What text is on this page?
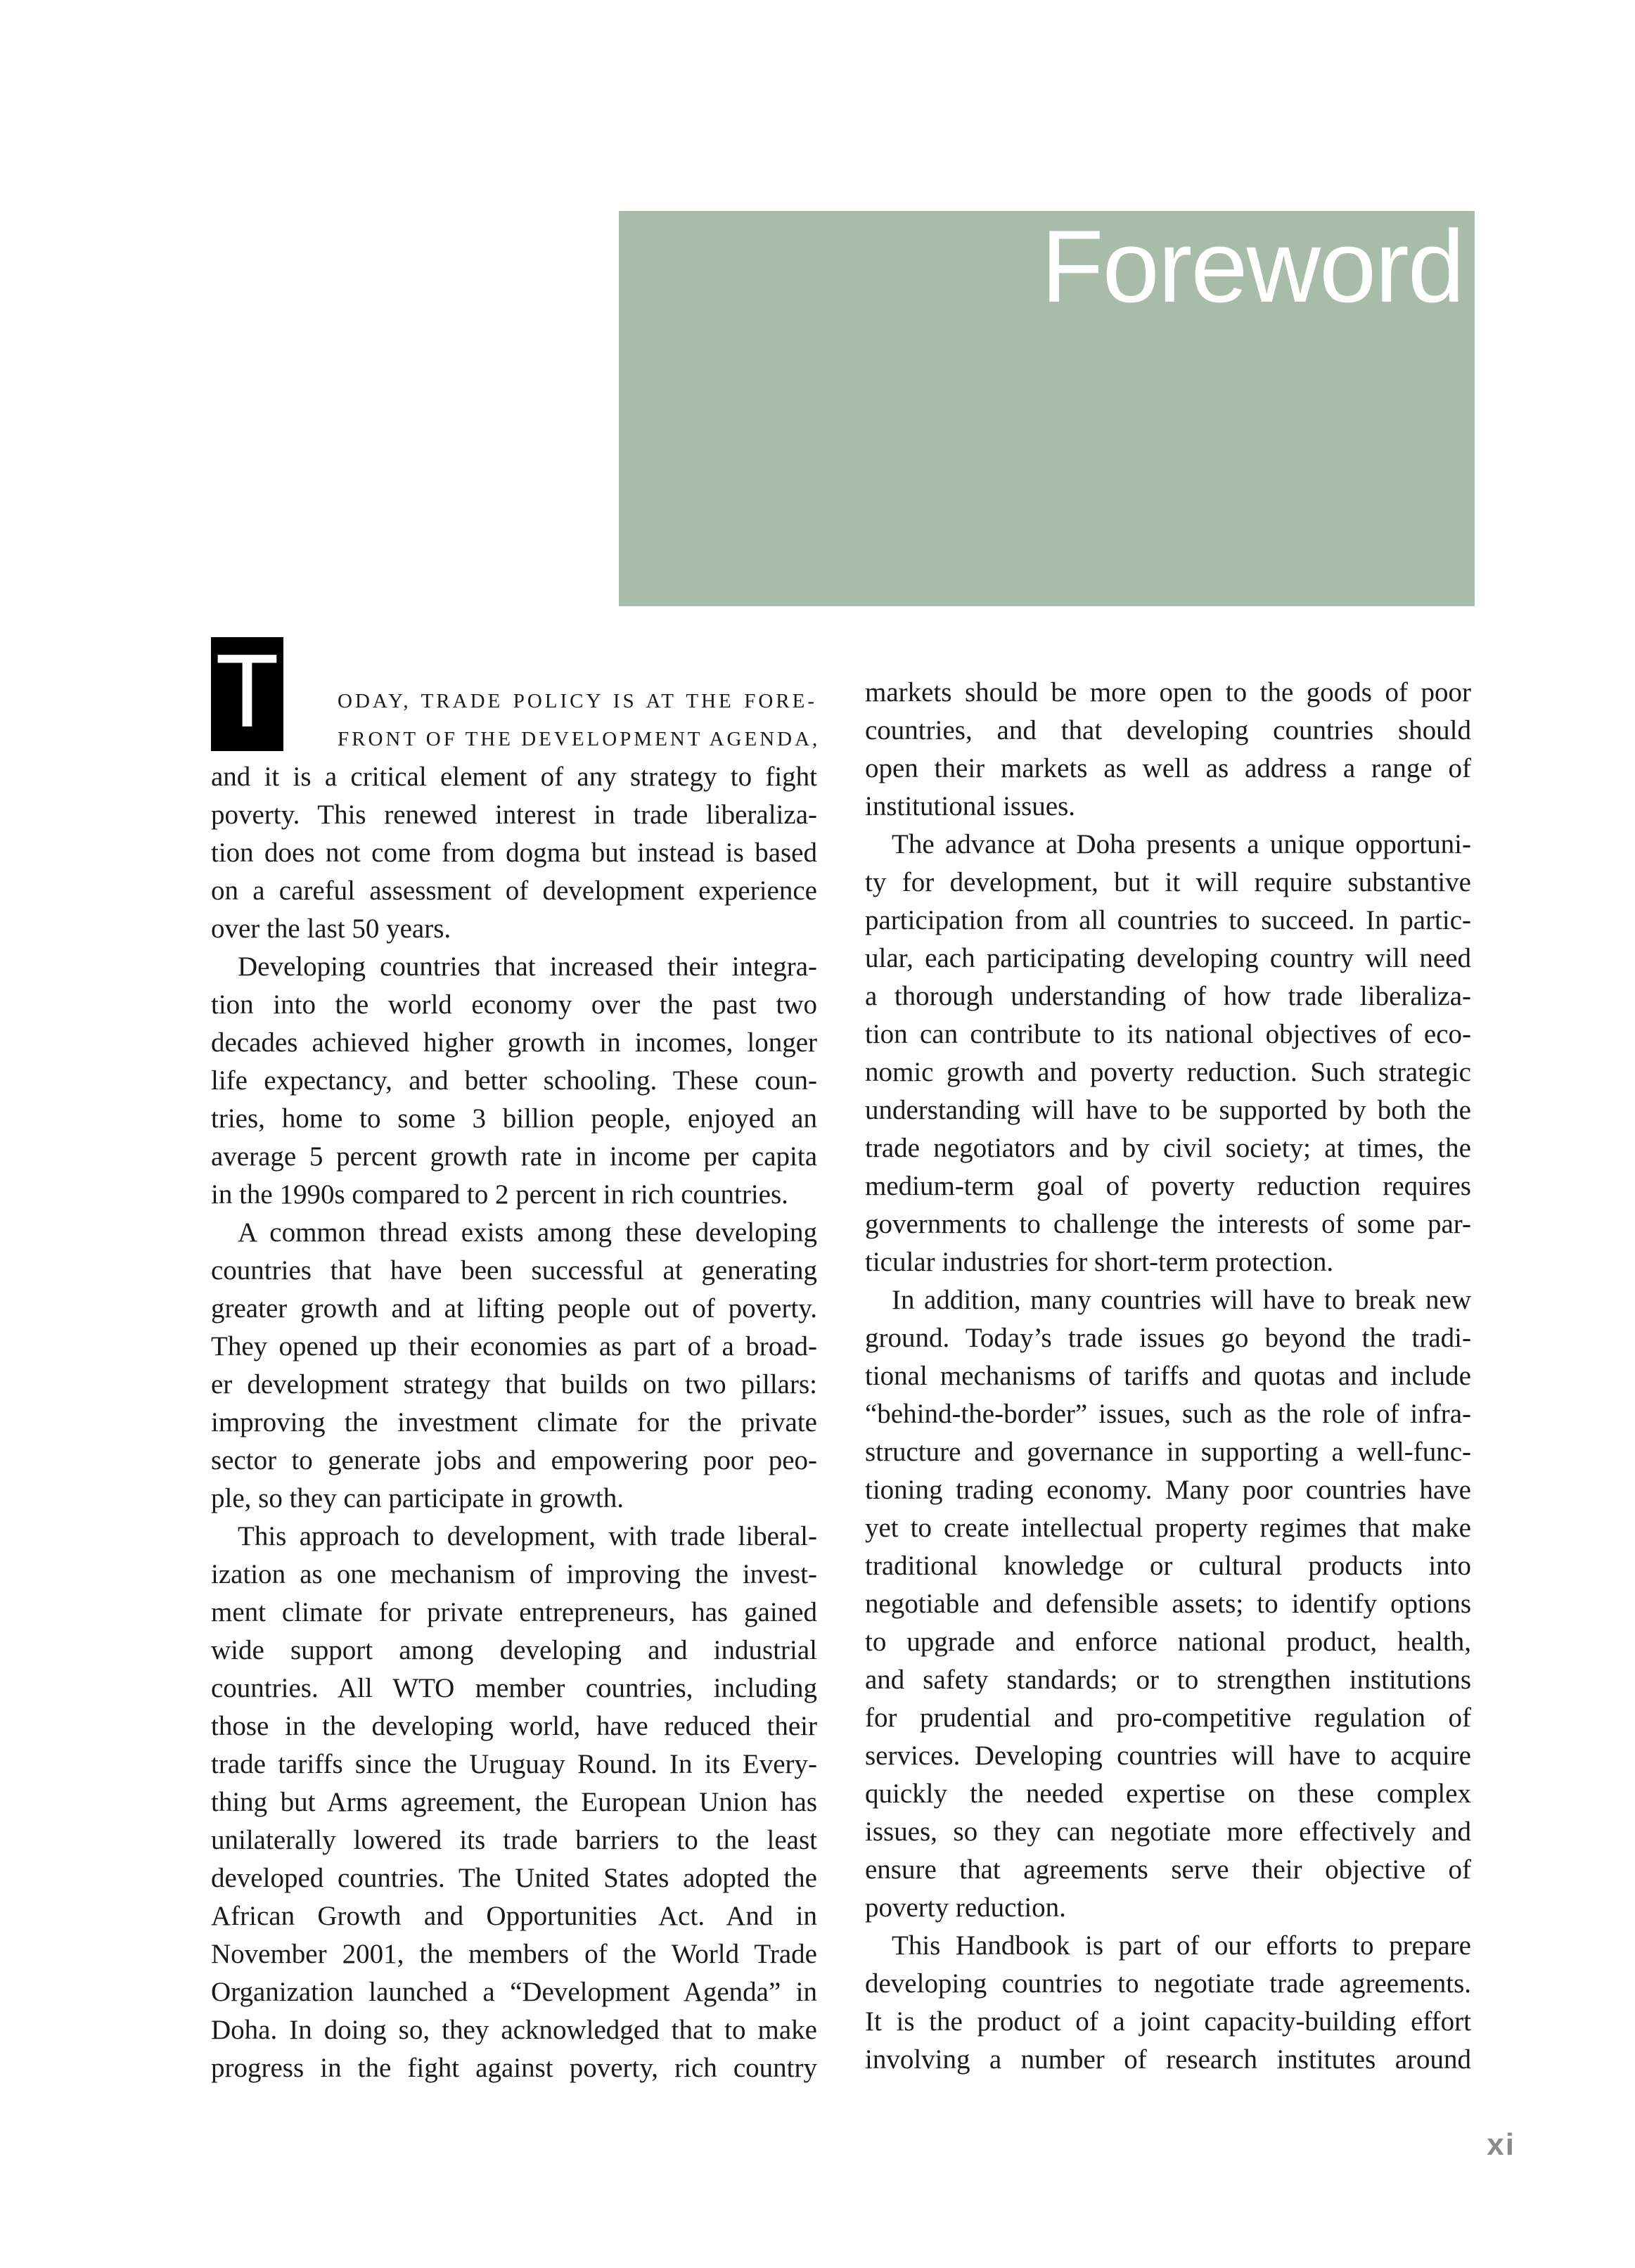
Foreword
T	ODAY, TRADE POLICY IS AT THE FORE-
FRONT OF THE DEVELOPMENT AGENDA,
and it is a critical element of any strategy to fight
poverty. This renewed interest in trade liberaliza-
tion does not come from dogma but instead is based
on a careful assessment of development experience
over the last 50 years.
Developing countries that increased their integra-
tion into the world economy over the past two
decades achieved higher growth in incomes, longer
life expectancy, and better schooling. These coun-
tries, home to some 3 billion people, enjoyed an
average 5 percent growth rate in income per capita
in the 1990s compared to 2 percent in rich countries.
A common thread exists among these developing
countries that have been successful at generating
greater growth and at lifting people out of poverty.
They opened up their economies as part of a broad-
er development strategy that builds on two pillars:
improving the investment climate for the private
sector to generate jobs and empowering poor peo-
ple, so they can participate in growth.
This approach to development, with trade liberal-
ization as one mechanism of improving the invest-
ment climate for private entrepreneurs, has gained
wide support among developing and industrial
countries. All WTO member countries, including
those in the developing world, have reduced their
trade tariffs since the Uruguay Round. In its Every-
thing but Arms agreement, the European Union has
unilaterally lowered its trade barriers to the least
developed countries. The United States adopted the
African Growth and Opportunities Act. And in
November 2001, the members of the World Trade
Organization launched a “Development Agenda” in
Doha. In doing so, they acknowledged that to make
progress in the fight against poverty, rich country
markets should be more open to the goods of poor
countries, and that developing countries should
open their markets as well as address a range of
institutional issues.
The advance at Doha presents a unique opportuni-
ty for development, but it will require substantive
participation from all countries to succeed. In partic-
ular, each participating developing country will need
a thorough understanding of how trade liberaliza-
tion can contribute to its national objectives of eco-
nomic growth and poverty reduction. Such strategic
understanding will have to be supported by both the
trade negotiators and by civil society; at times, the
medium-term goal of poverty reduction requires
governments to challenge the interests of some par-
ticular industries for short-term protection.
In addition, many countries will have to break new
ground. Today’s trade issues go beyond the tradi-
tional mechanisms of tariffs and quotas and include
“behind-the-border” issues, such as the role of infra-
structure and governance in supporting a well-func-
tioning trading economy. Many poor countries have
yet to create intellectual property regimes that make
traditional knowledge or cultural products into
negotiable and defensible assets; to identify options
to upgrade and enforce national product, health,
and safety standards; or to strengthen institutions
for prudential and pro-competitive regulation of
services. Developing countries will have to acquire
quickly the needed expertise on these complex
issues, so they can negotiate more effectively and
ensure that agreements serve their objective of
poverty reduction.
This Handbook is part of our efforts to prepare
developing countries to negotiate trade agreements.
It is the product of a joint capacity-building effort
involving a number of research institutes around
xi
